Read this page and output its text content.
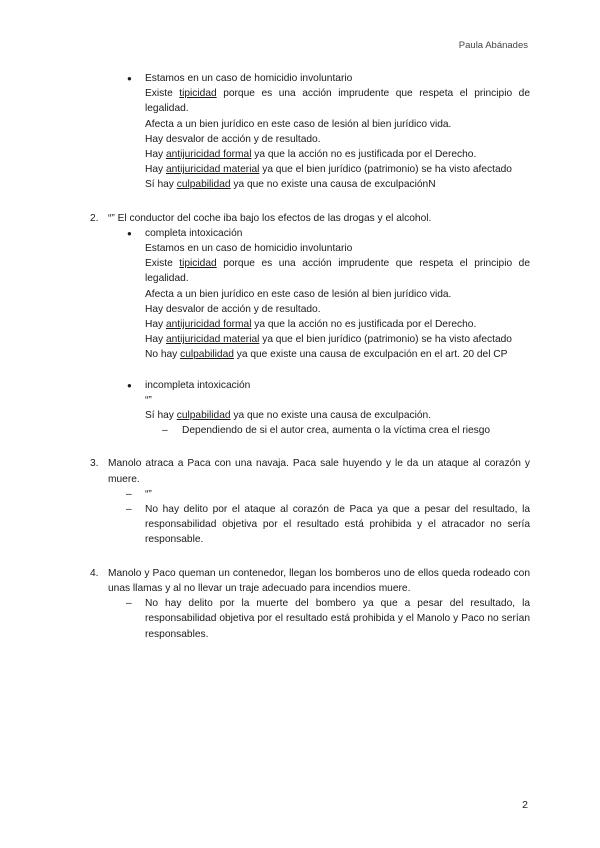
Paula Abánades
●	Estamos en un caso de homicidio involuntario

Existe tipicidad porque es una acción imprudente que respeta el principio de legalidad.

Afecta a un bien jurídico en este caso de lesión al bien jurídico vida.

Hay desvalor de acción y de resultado.

Hay antijuricidad formal ya que la acción no es justificada por el Derecho.

Hay antijuricidad material ya que el bien jurídico (patrimonio) se ha visto afectado

Sí hay culpabilidad ya que no existe una causa de exculpaciónN

2. “” El conductor del coche iba bajo los efectos de las drogas y el alcohol.

●	completa intoxicación

Estamos en un caso de homicidio involuntario

Existe tipicidad porque es una acción imprudente que respeta el principio de legalidad.

Afecta a un bien jurídico en este caso de lesión al bien jurídico vida.

Hay desvalor de acción y de resultado.

Hay antijuricidad formal ya que la acción no es justificada por el Derecho.

Hay antijuricidad material ya que el bien jurídico (patrimonio) se ha visto afectado

No hay culpabilidad ya que existe una causa de exculpación en el art. 20 del CP

●	incompleta intoxicación

“”

Sí hay culpabilidad ya que no existe una causa de exculpación.
–	Dependiendo de si el autor crea, aumenta o la víctima crea el riesgo

3. Manolo atraca a Paca con una navaja. Paca sale huyendo y le da un ataque al corazón y muere.

–	“”

–	No hay delito por el ataque al corazón de Paca ya que a pesar del resultado, la responsabilidad objetiva por el resultado está prohibida y el atracador no sería responsable.

4. Manolo y Paco queman un contenedor, llegan los bomberos uno de ellos queda rodeado con unas llamas y al no llevar un traje adecuado para incendios muere.

–	No hay delito por la muerte del bombero ya que a pesar del resultado, la responsabilidad objetiva por el resultado está prohibida y el Manolo y Paco no serían responsables.

2
